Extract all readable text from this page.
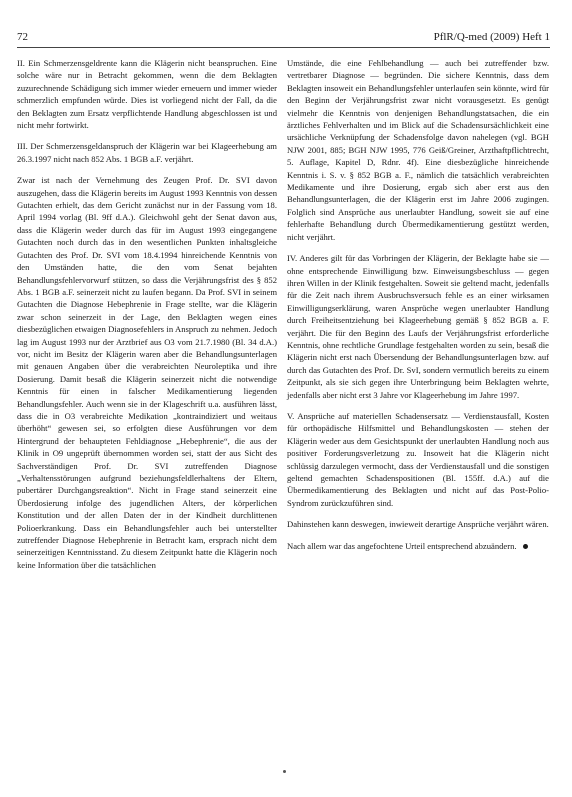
72	PflR/Q-med (2009) Heft 1

II. Ein Schmerzensgeldrente kann die Klägerin nicht beanspruchen. Eine solche wäre nur in Betracht gekommen, wenn die dem Beklagten zuzurechnende Schädigung sich immer wieder erneuern und immer wieder schmerzlich empfunden würde. Dies ist vorliegend nicht der Fall, da die den Beklagten zum Ersatz verpflichtende Handlung abgeschlossen ist und nicht mehr fortwirkt.

III. Der Schmerzensgeldanspruch der Klägerin war bei Klageerhebung am 26.3.1997 nicht nach 852 Abs. 1 BGB a.F. verjährt.

Zwar ist nach der Vernehmung des Zeugen Prof. Dr. SVI davon auszugehen, dass die Klägerin bereits im August 1993 Kenntnis von dessen Gutachten erhielt, das dem Gericht zunächst nur in der Fassung vom 18. April 1994 vorlag (Bl. 9ff d.A.). Gleichwohl geht der Senat davon aus, dass die Klägerin weder durch das für im August 1993 eingegangene Gutachten noch durch das in den wesentlichen Punkten inhaltsgleiche Gutachten des Prof. Dr. SVI vom 18.4.1994 hinreichende Kenntnis von den Umständen hatte, die den vom Senat bejahten Behandlungsfehlervorwurf stützen, so dass die Verjährungsfrist des § 852 Abs. 1 BGB a.F. seinerzeit nicht zu laufen begann. Da Prof. SVI in seinem Gutachten die Diagnose Hebephrenie in Frage stellte, war die Klägerin zwar schon seinerzeit in der Lage, den Beklagten wegen eines diesbezüglichen etwaigen Diagnosefehlers in Anspruch zu nehmen. Jedoch lag im August 1993 nur der Arztbrief aus O3 vom 21.7.1980 (Bl. 34 d.A.) vor, nicht im Besitz der Klägerin waren aber die Behandlungsunterlagen mit genauen Angaben über die verabreichten Neuroleptika und ihre Dosierung. Damit besaß die Klägerin seinerzeit nicht die notwendige Kenntnis für einen in falscher Medikamentierung liegenden Behandlungsfehler. Auch wenn sie in der Klageschrift u.a. ausführen lässt, dass die in O3 verabreichte Medikation „kontraindiziert und weitaus überhöht“ gewesen sei, so erfolgten diese Ausführungen vor dem Hintergrund der behaupteten Fehldiagnose „Hebephrenie“, die aus der Klinik in O9 ungeprüft übernommen worden sei, statt der aus Sicht des Sachverständigen Prof. Dr. SVI zutreffenden Diagnose „Verhaltensstörungen aufgrund beziehungsfeldlerhaltens der Eltern, pubertärer Durchgangsreaktion“. Nicht in Frage stand seinerzeit eine Überdosierung infolge des jugendlichen Alters, der körperlichen Konstitution und der allen Daten der in der Kindheit durchlittenen Polioerkrankung. Dass ein Behandlungsfehler auch bei unterstellter zutreffender Diagnose Hebephrenie in Betracht kam, ersprach nicht dem seinerzeitigen Kenntnisstand. Zu diesem Zeitpunkt hatte die Klägerin noch keine Information über die tatsächlichen

Umstände, die eine Fehlbehandlung — auch bei zutreffender bzw. vertretbarer Diagnose — begründen. Die sichere Kenntnis, dass dem Beklagten insoweit ein Behandlungsfehler unterlaufen sein könnte, wird für den Beginn der Verjährungsfrist zwar nicht vorausgesetzt. Es genügt vielmehr die Kenntnis von denjenigen Behandlungstatsachen, die ein ärztliches Fehlverhalten und im Blick auf die Schadensursächlichkeit eine ursächliche Verknüpfung der Schadensfolge davon nahelegen (vgl. BGH NJW 2001, 885; BGH NJW 1995, 776 Geiß/Greiner, Arzthaftpflichtrecht, 5. Auflage, Kapitel D, Rdnr. 4f). Eine diesbezügliche hinreichende Kenntnis i. S. v. § 852 BGB a. F., nämlich die tatsächlich verabreichten Medikamente und ihre Dosierung, ergab sich aber erst aus den Behandlungsunterlagen, die der Klägerin erst im Jahre 2006 zugingen. Folglich sind Ansprüche aus unerlaubter Handlung, soweit sie auf eine fehlerhafte Behandlung durch Übermedikamentierung gestützt werden, nicht verjährt.

IV. Anderes gilt für das Vorbringen der Klägerin, der Beklagte habe sie — ohne entsprechende Einwilligung bzw. Einweisungsbeschluss — gegen ihren Willen in der Klinik festgehalten. Soweit sie geltend macht, jedenfalls für die Zeit nach ihrem Ausbruchsversuch fehle es an einer wirksamen Einwilligungserklärung, waren Ansprüche wegen unerlaubter Handlung durch Freiheitsentziehung bei Klageerhebung gemäß § 852 BGB a. F. verjährt. Die für den Beginn des Laufs der Verjährungsfrist erforderliche Kenntnis, ohne rechtliche Grundlage festgehalten worden zu sein, besaß die Klägerin nicht erst nach Übersendung der Behandlungsunterlagen bzw. auf durch das Gutachten des Prof. Dr. SvI, sondern vermutlich bereits zu einem Zeitpunkt, als sie sich gegen ihre Unterbringung beim Beklagten wehrte, jedenfalls aber nicht erst 3 Jahre vor Klageerhebung im Jahre 1997.

V. Ansprüche auf materiellen Schadensersatz — Verdienstausfall, Kosten für orthopädische Hilfsmittel und Behandlungskosten — stehen der Klägerin weder aus dem Gesichtspunkt der unerlaubten Handlung noch aus positiver Forderungsverletzung zu. Insoweit hat die Klägerin nicht schlüssig darzulegen vermocht, dass der Verdienstausfall und die sonstigen geltend gemachten Schadenspositionen (Bl. 155ff. d.A.) auf die Übermedikamentierung des Beklagten und nicht auf das Post-Polio-Syndrom zurückzuführen sind.

Dahinstehen kann deswegen, inwieweit derartige Ansprüche verjährt wären.

Nach allem war das angefochtene Urteil entsprechend abzuändern.
